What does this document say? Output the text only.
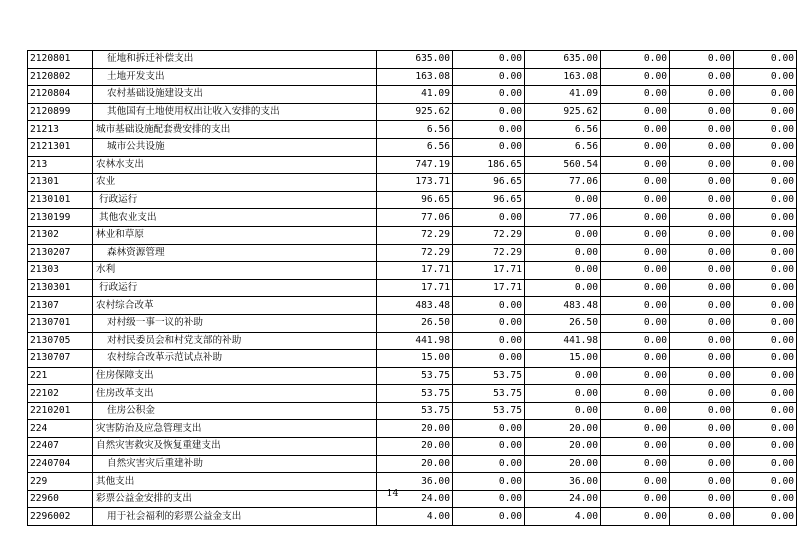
2120801	征地和拆迁补偿支出	635.00	0.00	635.00	0.00	0.00	0.00
2120802	土地开发支出	163.08	0.00	163.08	0.00	0.00	0.00
2120804	农村基础设施建设支出	41.09	0.00	41.09	0.00	0.00	0.00
2120899	其他国有土地使用权出让收入安排的支出	925.62	0.00	925.62	0.00	0.00	0.00
21213	城市基础设施配套费安排的支出	6.56	0.00	6.56	0.00	0.00	0.00
2121301	城市公共设施	6.56	0.00	6.56	0.00	0.00	0.00
213	农林水支出	747.19	186.65	560.54	0.00	0.00	0.00
21301	农业	173.71	96.65	77.06	0.00	0.00	0.00
2130101	行政运行	96.65	96.65	0.00	0.00	0.00	0.00
2130199	其他农业支出	77.06	0.00	77.06	0.00	0.00	0.00
21302	林业和草原	72.29	72.29	0.00	0.00	0.00	0.00
2130207	森林资源管理	72.29	72.29	0.00	0.00	0.00	0.00
21303	水利	17.71	17.71	0.00	0.00	0.00	0.00
2130301	行政运行	17.71	17.71	0.00	0.00	0.00	0.00
21307	农村综合改革	483.48	0.00	483.48	0.00	0.00	0.00
2130701	对村级一事一议的补助	26.50	0.00	26.50	0.00	0.00	0.00
2130705	对村民委员会和村党支部的补助	441.98	0.00	441.98	0.00	0.00	0.00
2130707	农村综合改革示范试点补助	15.00	0.00	15.00	0.00	0.00	0.00
221	住房保障支出	53.75	53.75	0.00	0.00	0.00	0.00
22102	住房改革支出	53.75	53.75	0.00	0.00	0.00	0.00
2210201	住房公积金	53.75	53.75	0.00	0.00	0.00	0.00
224	灾害防治及应急管理支出	20.00	0.00	20.00	0.00	0.00	0.00
22407	自然灾害救灾及恢复重建支出	20.00	0.00	20.00	0.00	0.00	0.00
2240704	自然灾害灾后重建补助	20.00	0.00	20.00	0.00	0.00	0.00
229	其他支出	36.00	0.00	36.00	0.00	0.00	0.00
22960	彩票公益金安排的支出	24.00	0.00	24.00	0.00	0.00	0.00
2296002	用于社会福利的彩票公益金支出	4.00	0.00	4.00	0.00	0.00	0.00
14
